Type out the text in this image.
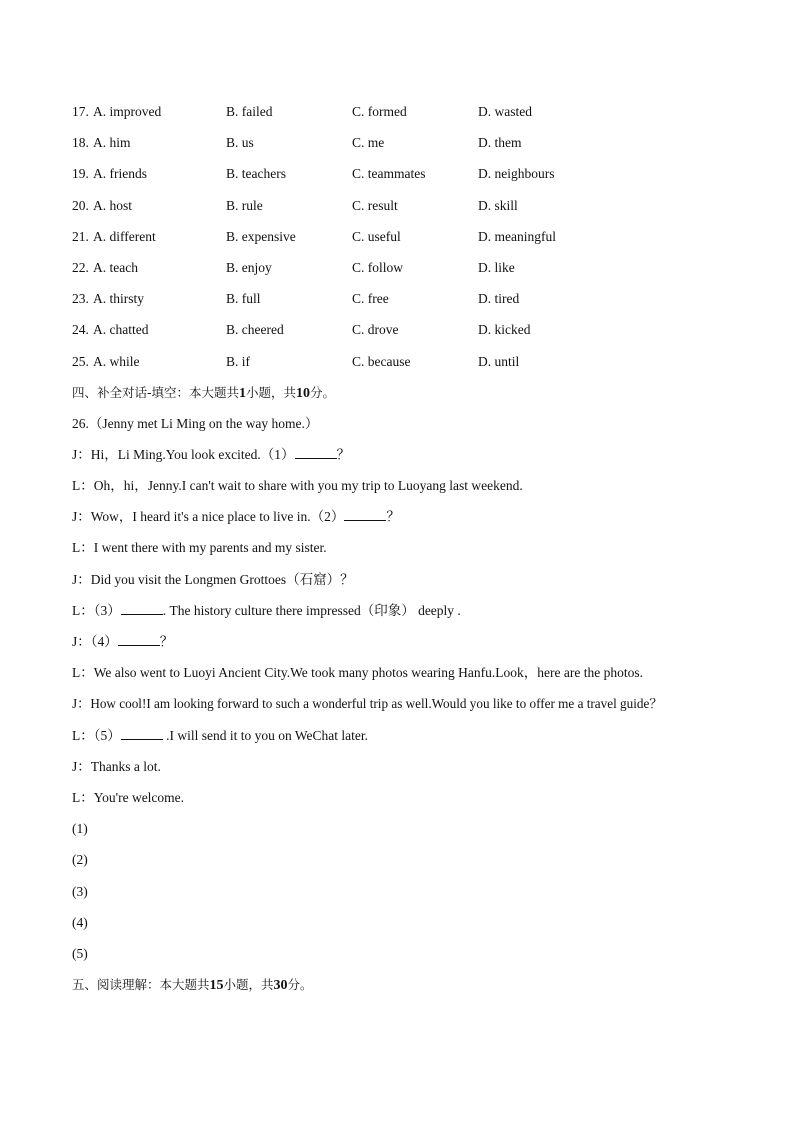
17. A. improved	B. failed	C. formed	D. wasted
18. A. him	B. us	C. me	D. them
19. A. friends	B. teachers	C. teammates	D. neighbours
20. A. host	B. rule	C. result	D. skill
21. A. different	B. expensive	C. useful	D. meaningful
22. A. teach	B. enjoy	C. follow	D. like
23. A. thirsty	B. full	C. free	D. tired
24. A. chatted	B. cheered	C. drove	D. kicked
25. A. while	B. if	C. because	D. until
四、补全对话-填空：本大题共1小题，共10分。
26.（Jenny met Li Ming on the way home.）
J：Hi，Li Ming.You look excited.（1）	？
L：Oh，hi，Jenny.I can't wait to share with you my trip to Luoyang last weekend.
J：Wow，I heard it's a nice place to live in.（2）	？
L：I went there with my parents and my sister.
J：Did you visit the Longmen Grottoes（石窟）？
L：（3）	. The history culture there impressed（印象） deeply .
J：（4）	？
L：We also went to Luoyi Ancient City.We took many photos wearing Hanfu.Look，here are the photos.
J：How cool!I am looking forward to such a wonderful trip as well.Would you like to offer me a travel guide？
L：（5）	.I will send it to you on WeChat later.
J：Thanks a lot.
L：You're welcome.
(1)
(2)
(3)
(4)
(5)
五、阅读理解：本大题共15小题，共30分。
